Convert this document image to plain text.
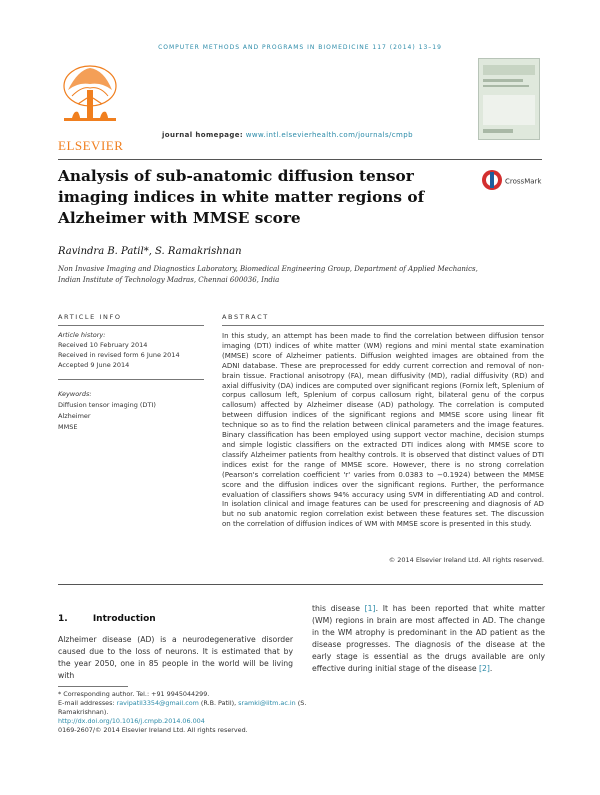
COMPUTER METHODS AND PROGRAMS IN BIOMEDICINE 117 (2014) 13–19
ELSEVIER
journal homepage: www.intl.elsevierhealth.com/journals/cmpb
Analysis of sub-anatomic diffusion tensor imaging indices in white matter regions of Alzheimer with MMSE score
CrossMark
Ravindra B. Patil*, S. Ramakrishnan
Non Invasive Imaging and Diagnostics Laboratory, Biomedical Engineering Group, Department of Applied Mechanics, Indian Institute of Technology Madras, Chennai 600036, India
ARTICLE INFO
Article history:
Received 10 February 2014
Received in revised form 6 June 2014
Accepted 9 June 2014
Keywords:
Diffusion tensor imaging (DTI)
Alzheimer
MMSE
ABSTRACT
In this study, an attempt has been made to find the correlation between diffusion tensor imaging (DTI) indices of white matter (WM) regions and mini mental state examination (MMSE) score of Alzheimer patients. Diffusion weighted images are obtained from the ADNI database. These are preprocessed for eddy current correction and removal of non-brain tissue. Fractional anisotropy (FA), mean diffusivity (MD), radial diffusivity (RD) and axial diffusivity (DA) indices are computed over significant regions (Fornix left, Splenium of corpus callosum left, Splenium of corpus callosum right, bilateral genu of the corpus callosum) affected by Alzheimer disease (AD) pathology. The correlation is computed between diffusion indices of the significant regions and MMSE score using linear fit technique so as to find the relation between clinical parameters and the image features. Binary classification has been employed using support vector machine, decision stumps and simple logistic classifiers on the extracted DTI indices along with MMSE score to classify Alzheimer patients from healthy controls. It is observed that distinct values of DTI indices exist for the range of MMSE score. However, there is no strong correlation (Pearson's correlation coefficient 'r' varies from 0.0383 to −0.1924) between the MMSE score and the diffusion indices over the significant regions. Further, the performance evaluation of classifiers shows 94% accuracy using SVM in differentiating AD and control. In isolation clinical and image features can be used for prescreening and diagnosis of AD but no sub anatomic region correlation exist between these features set. The discussion on the correlation of diffusion indices of WM with MMSE score is presented in this study.
© 2014 Elsevier Ireland Ltd. All rights reserved.
1.	Introduction
Alzheimer disease (AD) is a neurodegenerative disorder caused due to the loss of neurons. It is estimated that by the year 2050, one in 85 people in the world will be living with
this disease [1]. It has been reported that white matter (WM) regions in brain are most affected in AD. The change in the WM atrophy is predominant in the AD patient as the disease progresses. The diagnosis of the disease at the early stage is essential as the drugs available are only effective during initial stage of the disease [2].
* Corresponding author. Tel.: +91 9945044299.
E-mail addresses: ravipatil3354@gmail.com (R.B. Patil), sramki@iitm.ac.in (S. Ramakrishnan).
http://dx.doi.org/10.1016/j.cmpb.2014.06.004
0169-2607/© 2014 Elsevier Ireland Ltd. All rights reserved.
